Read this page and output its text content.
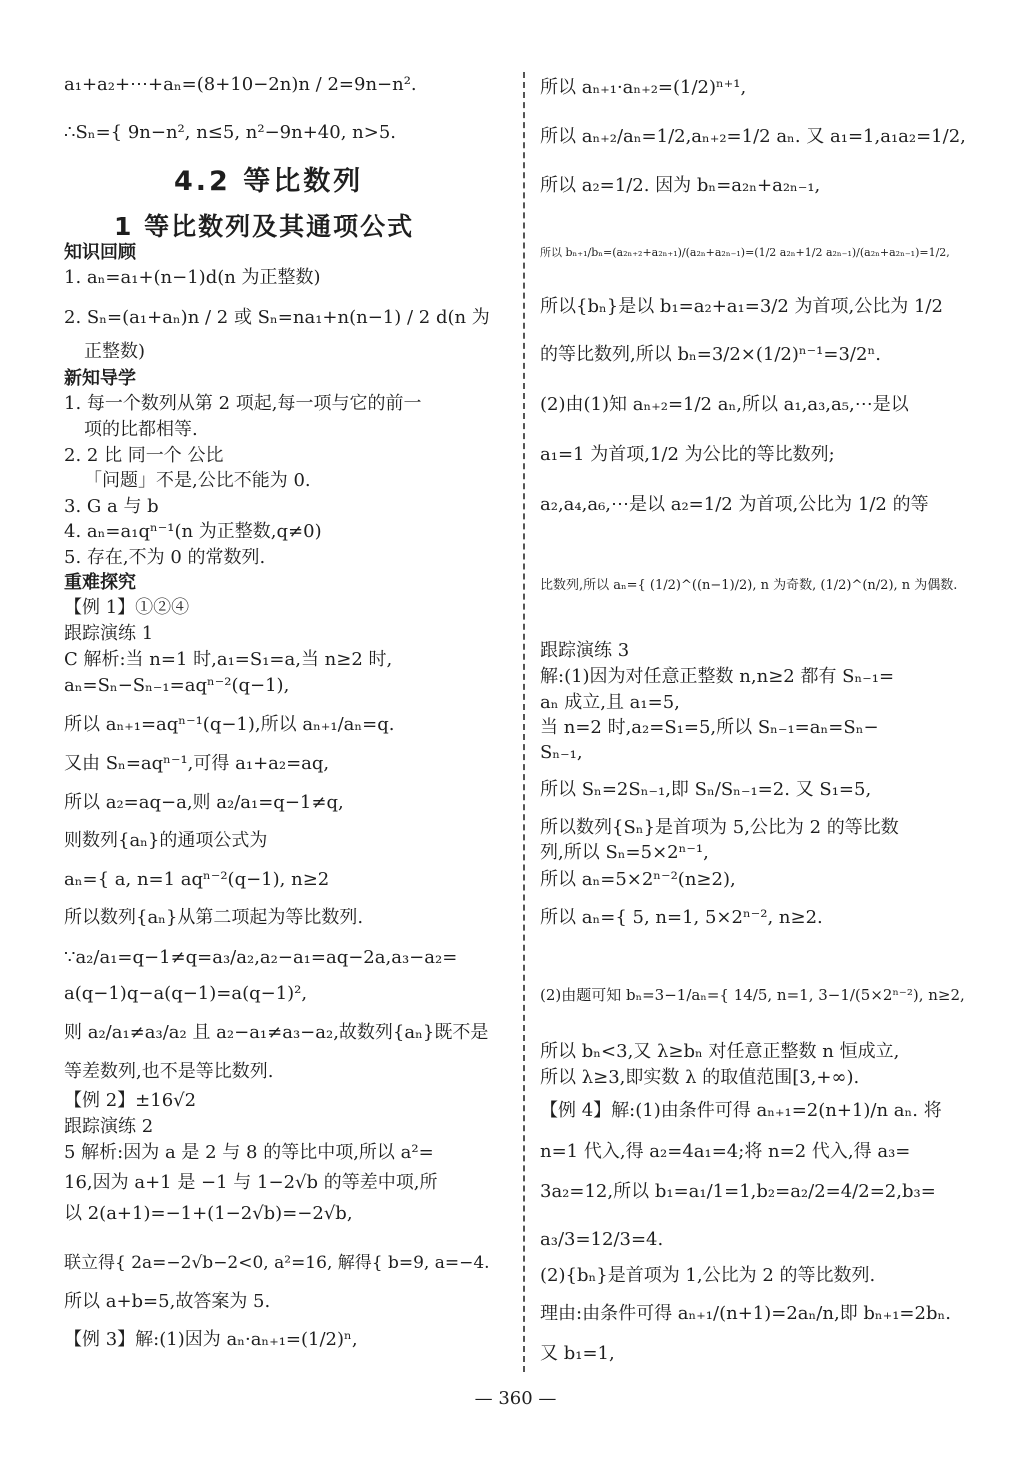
a₁+a₂+⋯+aₙ=(8+10−2n)n / 2=9n−n².
∴Sₙ={ 9n−n², n≤5, n²−9n+40, n>5.
4.2 等比数列
1 等比数列及其通项公式
知识回顾
1. aₙ=a₁+(n−1)d(n 为正整数)
2. Sₙ=(a₁+aₙ)n / 2 或 Sₙ=na₁+n(n−1) / 2 d(n 为
正整数)
新知导学
1. 每一个数列从第 2 项起,每一项与它的前一
项的比都相等.
2. 2 比 同一个 公比
「问题」不是,公比不能为 0.
3. G a 与 b
4. aₙ=a₁qⁿ⁻¹(n 为正整数,q≠0)
5. 存在,不为 0 的常数列.
重难探究
【例 1】①②④
跟踪演练 1
C 解析:当 n=1 时,a₁=S₁=a,当 n≥2 时,
aₙ=Sₙ−Sₙ₋₁=aqⁿ⁻²(q−1),
所以 aₙ₊₁=aqⁿ⁻¹(q−1),所以 aₙ₊₁/aₙ=q.
又由 Sₙ=aqⁿ⁻¹,可得 a₁+a₂=aq,
所以 a₂=aq−a,则 a₂/a₁=q−1≠q,
则数列{aₙ}的通项公式为
aₙ={ a, n=1 aqⁿ⁻²(q−1), n≥2
所以数列{aₙ}从第二项起为等比数列.
∵a₂/a₁=q−1≠q=a₃/a₂,a₂−a₁=aq−2a,a₃−a₂=
a(q−1)q−a(q−1)=a(q−1)²,
则 a₂/a₁≠a₃/a₂ 且 a₂−a₁≠a₃−a₂,故数列{aₙ}既不是
等差数列,也不是等比数列.
【例 2】±16√2
跟踪演练 2
5 解析:因为 a 是 2 与 8 的等比中项,所以 a²=
16,因为 a+1 是 −1 与 1−2√b 的等差中项,所
以 2(a+1)=−1+(1−2√b)=−2√b,
联立得{ 2a=−2√b−2<0, a²=16, 解得{ b=9, a=−4.
所以 a+b=5,故答案为 5.
【例 3】解:(1)因为 aₙ·aₙ₊₁=(1/2)ⁿ,
所以 aₙ₊₁·aₙ₊₂=(1/2)ⁿ⁺¹,
所以 aₙ₊₂/aₙ=1/2,aₙ₊₂=1/2 aₙ. 又 a₁=1,a₁a₂=1/2,
所以 a₂=1/2. 因为 bₙ=a₂ₙ+a₂ₙ₋₁,
所以 bₙ₊₁/bₙ=(a₂ₙ₊₂+a₂ₙ₊₁)/(a₂ₙ+a₂ₙ₋₁)=(1/2 a₂ₙ+1/2 a₂ₙ₋₁)/(a₂ₙ+a₂ₙ₋₁)=1/2,
所以{bₙ}是以 b₁=a₂+a₁=3/2 为首项,公比为 1/2
的等比数列,所以 bₙ=3/2×(1/2)ⁿ⁻¹=3/2ⁿ.
(2)由(1)知 aₙ₊₂=1/2 aₙ,所以 a₁,a₃,a₅,⋯是以
a₁=1 为首项,1/2 为公比的等比数列;
a₂,a₄,a₆,⋯是以 a₂=1/2 为首项,公比为 1/2 的等
比数列,所以 aₙ={ (1/2)^((n−1)/2), n 为奇数, (1/2)^(n/2), n 为偶数.
跟踪演练 3
解:(1)因为对任意正整数 n,n≥2 都有 Sₙ₋₁=
aₙ 成立,且 a₁=5,
当 n=2 时,a₂=S₁=5,所以 Sₙ₋₁=aₙ=Sₙ−
Sₙ₋₁,
所以 Sₙ=2Sₙ₋₁,即 Sₙ/Sₙ₋₁=2. 又 S₁=5,
所以数列{Sₙ}是首项为 5,公比为 2 的等比数
列,所以 Sₙ=5×2ⁿ⁻¹,
所以 aₙ=5×2ⁿ⁻²(n≥2),
所以 aₙ={ 5, n=1, 5×2ⁿ⁻², n≥2.
(2)由题可知 bₙ=3−1/aₙ={ 14/5, n=1, 3−1/(5×2ⁿ⁻²), n≥2,
所以 bₙ<3,又 λ≥bₙ 对任意正整数 n 恒成立,
所以 λ≥3,即实数 λ 的取值范围[3,+∞).
【例 4】解:(1)由条件可得 aₙ₊₁=2(n+1)/n aₙ. 将
n=1 代入,得 a₂=4a₁=4;将 n=2 代入,得 a₃=
3a₂=12,所以 b₁=a₁/1=1,b₂=a₂/2=4/2=2,b₃=
a₃/3=12/3=4.
(2){bₙ}是首项为 1,公比为 2 的等比数列.
理由:由条件可得 aₙ₊₁/(n+1)=2aₙ/n,即 bₙ₊₁=2bₙ.
又 b₁=1,
— 360 —
